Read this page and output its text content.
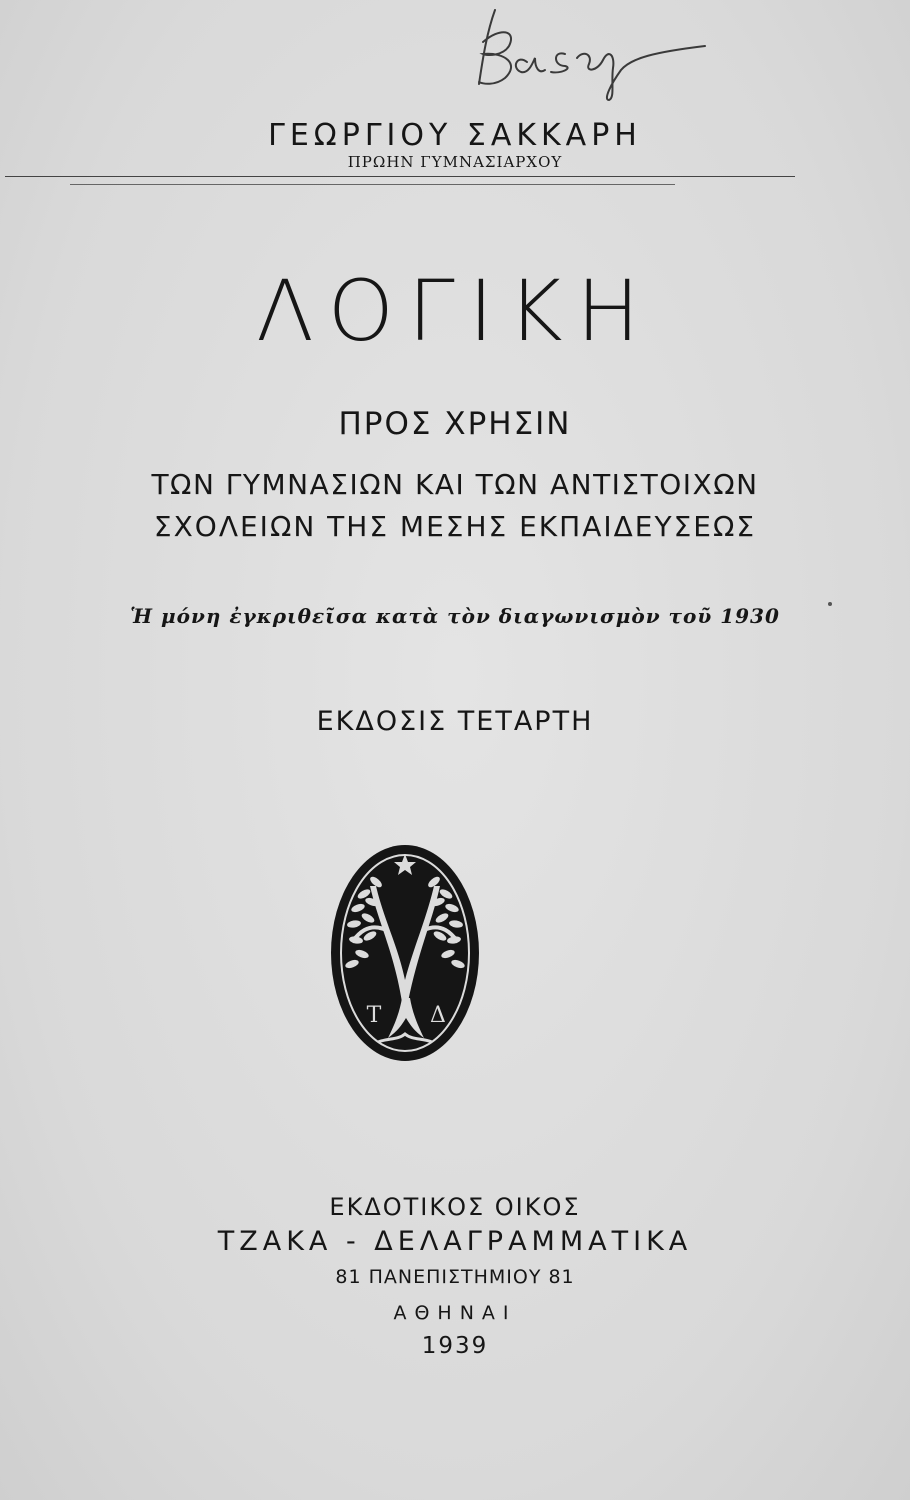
ΓΕΩΡΓΙΟΥ ΣΑΚΚΑΡΗ
ΠΡΩΗΝ ΓΥΜΝΑΣΙΑΡΧΟΥ
ΛΟΓΙΚΗ
ΠΡΟΣ ΧΡΗΣΙΝ
ΤΩΝ ΓΥΜΝΑΣΙΩΝ ΚΑΙ ΤΩΝ ΑΝΤΙΣΤΟΙΧΩΝ
ΣΧΟΛΕΙΩΝ ΤΗΣ ΜΕΣΗΣ ΕΚΠΑΙΔΕΥΣΕΩΣ
Ἡ μόνη ἐγκριθεῖσα κατὰ τὸν διαγωνισμὸν τοῦ 1930
ΕΚΔΟΣΙΣ ΤΕΤΑΡΤΗ
Τ Δ
ΕΚΔΟΤΙΚΟΣ ΟΙΚΟΣ
ΤΖΑΚΑ - ΔΕΛΑΓΡΑΜΜΑΤΙΚΑ
81 ΠΑΝΕΠΙΣΤΗΜΙΟΥ 81
ΑΘΗΝΑΙ
1939
